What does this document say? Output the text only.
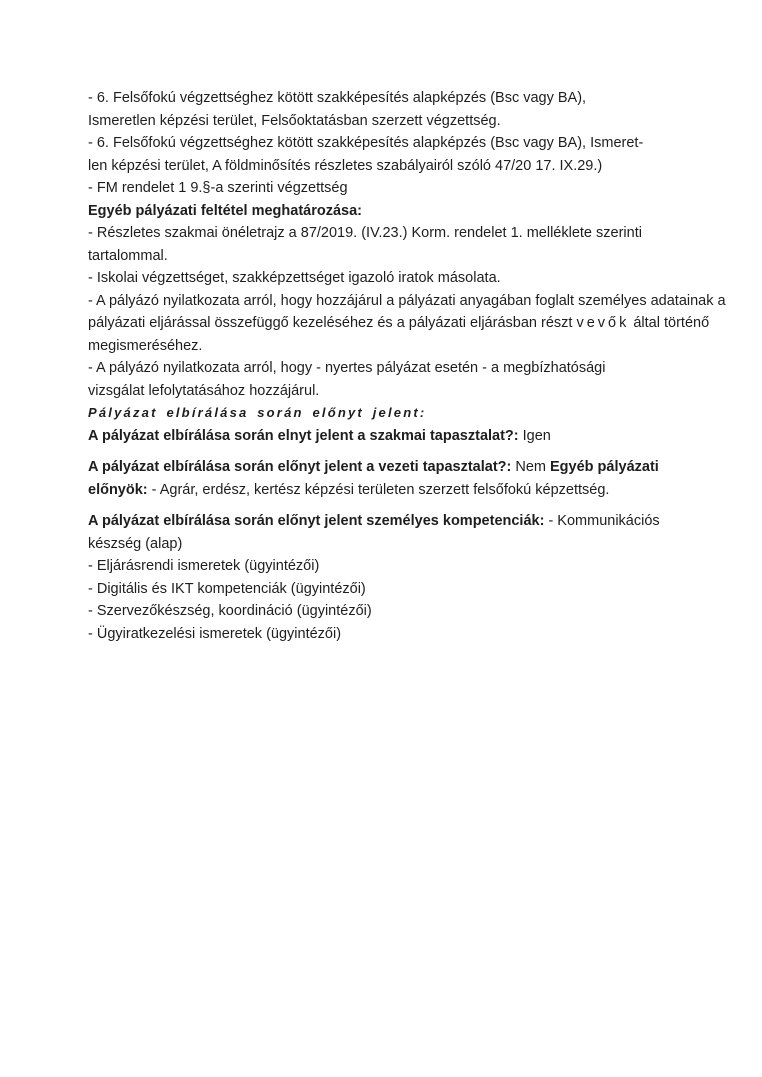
- 6. Felsőfokú végzettséghez kötött szakképesítés alapképzés (Bsc vagy BA),
Ismeretlen képzési terület, Felsőoktatásban szerzett végzettség.
- 6. Felsőfokú végzettséghez kötött szakképesítés alapképzés (Bsc vagy BA), Ismeret-
len képzési terület, A földminősítés részletes szabályairól szóló 47/20 17. IX.29.)
- FM rendelet 1 9.§-a szerinti végzettség
Egyéb pályázati feltétel meghatározása:
- Részletes szakmai önéletrajz a 87/2019. (IV.23.) Korm. rendelet 1. melléklete szerinti
tartalommal.
- Iskolai végzettséget, szakképzettséget igazoló iratok másolata.
- A pályázó nyilatkozata arról, hogy hozzájárul a pályázati anyagában foglalt személyes adatainak a
pályázati eljárással összefüggő kezeléséhez és a pályázati eljárásban részt vevők által történő
megismeréséhez.
- A pályázó nyilatkozata arról, hogy - nyertes pályázat esetén - a megbízhatósági
vizsgálat lefolytatásához hozzájárul.
Pályázat elbírálása során előnyt jelent:
A pályázat elbírálása során elnyt jelent a szakmai tapasztalat?: Igen
A pályázat elbírálása során előnyt jelent a vezeti tapasztalat?: Nem Egyéb pályázati
előnyök: - Agrár, erdész, kertész képzési területen szerzett felsőfokú képzettség.
A pályázat elbírálása során előnyt jelent személyes kompetenciák: - Kommunikációs
készség (alap)
- Eljárásrendi ismeretek (ügyintézői)
- Digitális és IKT kompetenciák (ügyintézői)
- Szervezőkészség, koordináció (ügyintézői)
- Ügyiratkezelési ismeretek (ügyintézői)
